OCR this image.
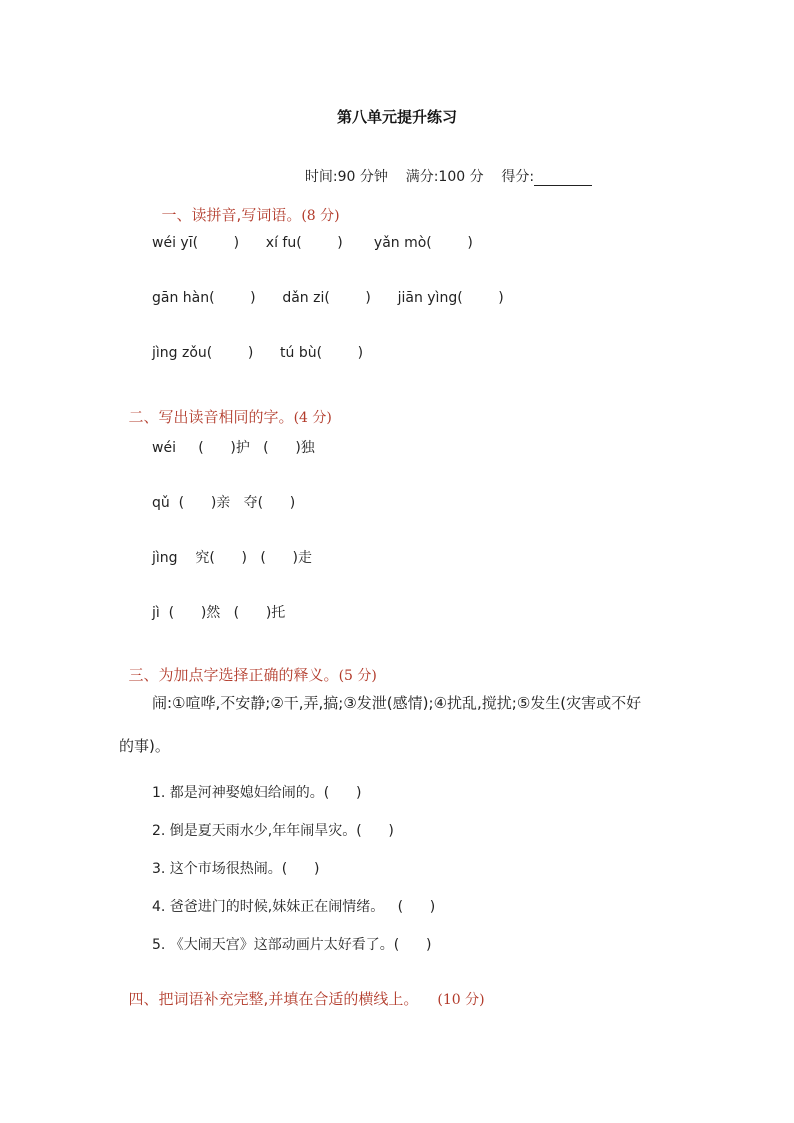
第八单元提升练习

时间:90 分钟 满分:100 分 得分:

一、读拼音,写词语。(8 分)

wéi yī(        )      xí fu(        )       yǎn mò(        )
gān hàn(        )      dǎn zi(        )      jiān yìng(        )
jìng zǒu(        )      tú bù(        )

二、写出读音相同的字。(4 分)

wéi     (      )护   (      )独
qǔ  (      )亲   夺(      )
jìng    究(      )   (      )走
jì  (      )然   (      )托

三、为加点字选择正确的释义。(5 分)

闹:①喧哗,不安静;②干,弄,搞;③发泄(感情);④扰乱,搅扰;⑤发生(灾害或不好
的事)。
1. 都是河神娶媳妇给闹的。(      )
2. 倒是夏天雨水少,年年闹旱灾。(      )
3. 这个市场很热闹。(      )
4. 爸爸进门的时候,妹妹正在闹情绪。   (      )
5. 《大闹天宫》这部动画片太好看了。(      )

四、把词语补充完整,并填在合适的横线上。 (10 分)
